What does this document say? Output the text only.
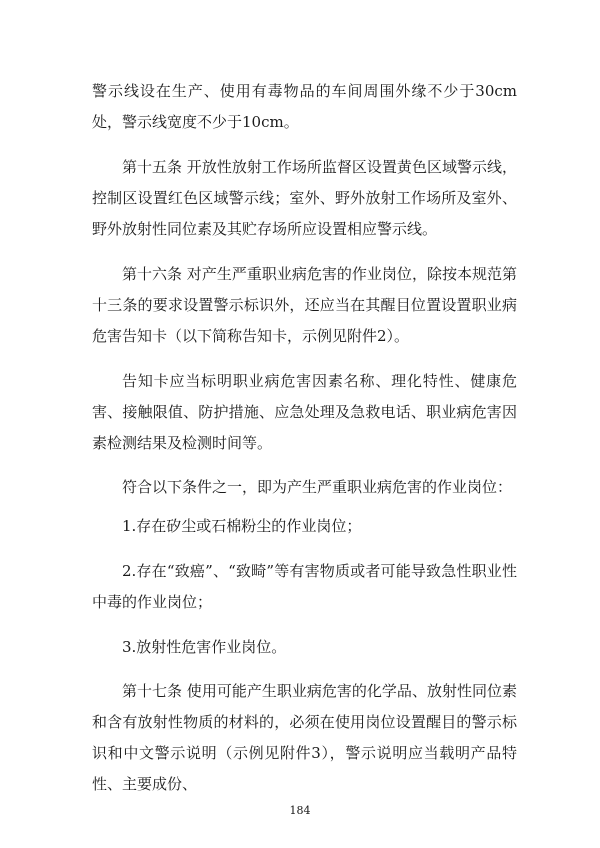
警示线设在生产、使用有毒物品的车间周围外缘不少于30cm处，警示线宽度不少于10cm。

第十五条 开放性放射工作场所监督区设置黄色区域警示线，控制区设置红色区域警示线；室外、野外放射工作场所及室外、野外放射性同位素及其贮存场所应设置相应警示线。

第十六条 对产生严重职业病危害的作业岗位，除按本规范第十三条的要求设置警示标识外，还应当在其醒目位置设置职业病危害告知卡（以下简称告知卡，示例见附件2）。

告知卡应当标明职业病危害因素名称、理化特性、健康危害、接触限值、防护措施、应急处理及急救电话、职业病危害因素检测结果及检测时间等。

符合以下条件之一，即为产生严重职业病危害的作业岗位：

1.存在矽尘或石棉粉尘的作业岗位；

2.存在“致癌”、“致畸”等有害物质或者可能导致急性职业性中毒的作业岗位；

3.放射性危害作业岗位。

第十七条 使用可能产生职业病危害的化学品、放射性同位素和含有放射性物质的材料的，必须在使用岗位设置醒目的警示标识和中文警示说明（示例见附件3），警示说明应当载明产品特性、主要成份、

184
